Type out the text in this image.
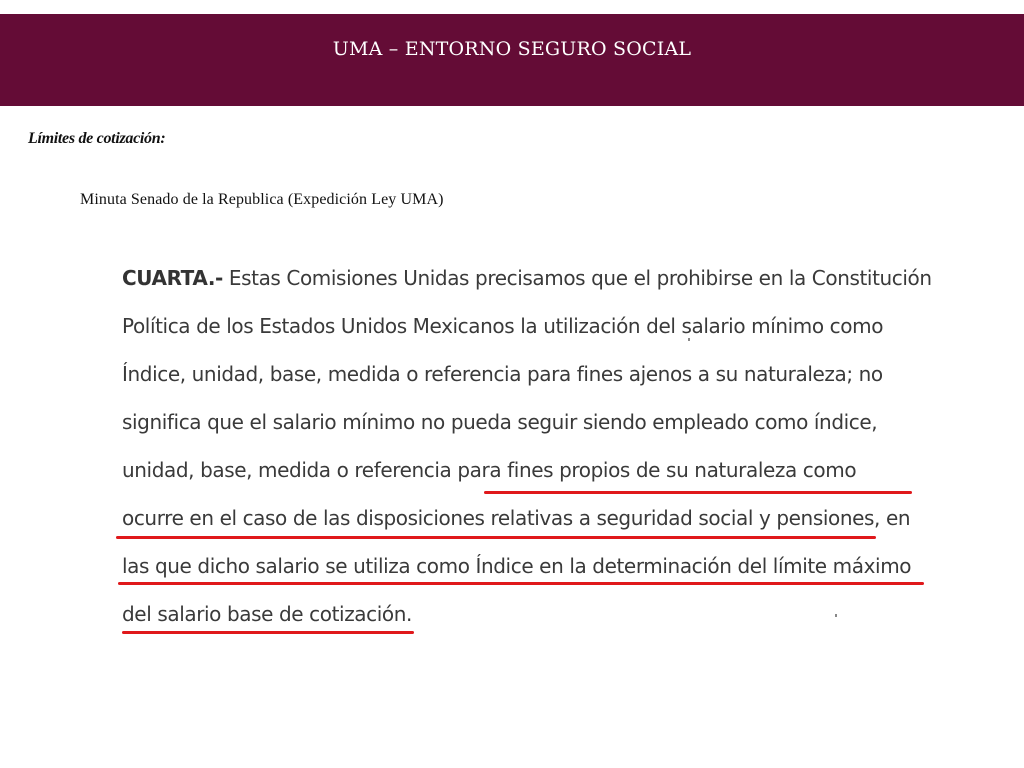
UMA – ENTORNO SEGURO SOCIAL
Límites de cotización:
Minuta Senado de la Republica (Expedición Ley UMA)
CUARTA.- Estas Comisiones Unidas precisamos que el prohibirse en la Constitución
Política de los Estados Unidos Mexicanos la utilización del salario mínimo como
Índice, unidad, base, medida o referencia para fines ajenos a su naturaleza; no
significa que el salario mínimo no pueda seguir siendo empleado como índice,
unidad, base, medida o referencia para fines propios de su naturaleza como
ocurre en el caso de las disposiciones relativas a seguridad social y pensiones, en
las que dicho salario se utiliza como Índice en la determinación del límite máximo
del salario base de cotización.
